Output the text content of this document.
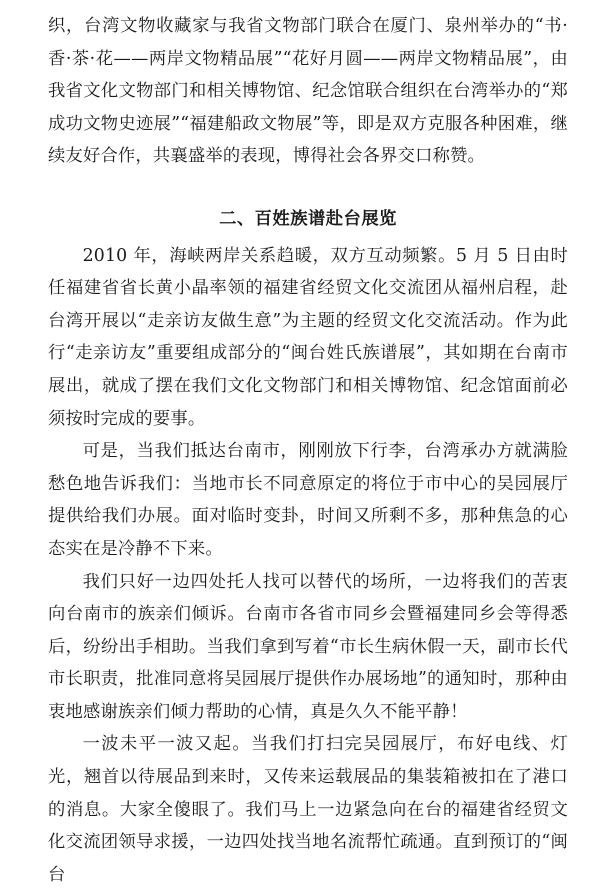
织，台湾文物收藏家与我省文物部门联合在厦门、泉州举办的“书·香·茶·花——两岸文物精品展”“花好月圆——两岸文物精品展”，由我省文化文物部门和相关博物馆、纪念馆联合组织在台湾举办的“郑成功文物史迹展”“福建船政文物展”等，即是双方克服各种困难，继续友好合作，共襄盛举的表现，博得社会各界交口称赞。

二、百姓族谱赴台展览

2010 年，海峡两岸关系趋暖，双方互动频繁。5 月 5 日由时任福建省省长黄小晶率领的福建省经贸文化交流团从福州启程，赴台湾开展以“走亲访友做生意”为主题的经贸文化交流活动。作为此行“走亲访友”重要组成部分的“闽台姓氏族谱展”，其如期在台南市展出，就成了摆在我们文化文物部门和相关博物馆、纪念馆面前必须按时完成的要事。

可是，当我们抵达台南市，刚刚放下行李，台湾承办方就满脸愁色地告诉我们：当地市长不同意原定的将位于市中心的吴园展厅提供给我们办展。面对临时变卦，时间又所剩不多，那种焦急的心态实在是冷静不下来。

我们只好一边四处托人找可以替代的场所，一边将我们的苦衷向台南市的族亲们倾诉。台南市各省市同乡会暨福建同乡会等得悉后，纷纷出手相助。当我们拿到写着“市长生病休假一天，副市长代市长职责，批准同意将吴园展厅提供作办展场地”的通知时，那种由衷地感谢族亲们倾力帮助的心情，真是久久不能平静！

一波未平一波又起。当我们打扫完吴园展厅，布好电线、灯光，翘首以待展品到来时，又传来运载展品的集装箱被扣在了港口的消息。大家全傻眼了。我们马上一边紧急向在台的福建省经贸文化交流团领导求援，一边四处找当地名流帮忙疏通。直到预订的“闽台
